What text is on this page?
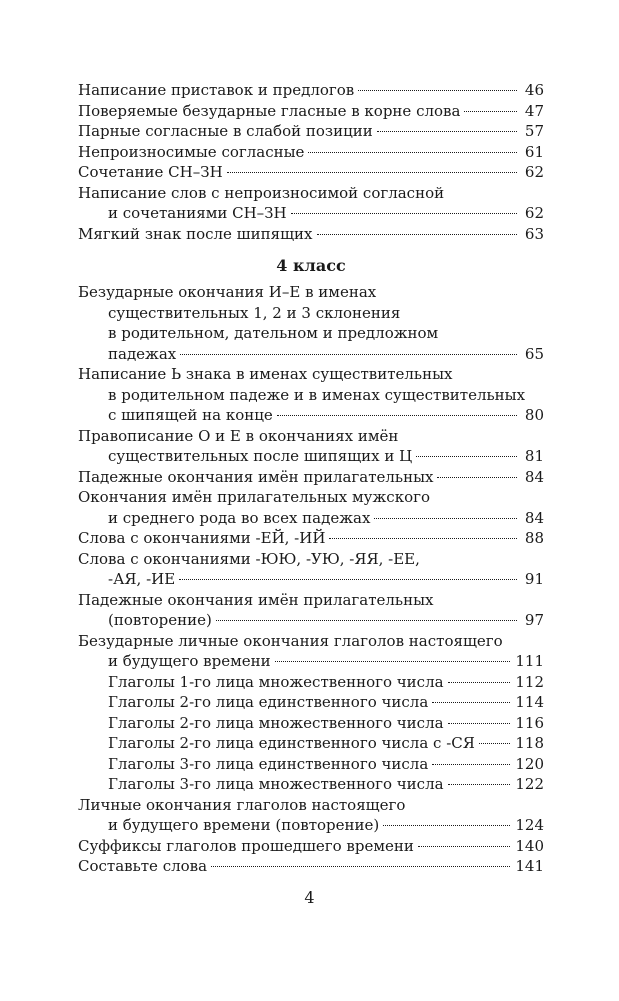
Написание приставок и предлогов	46
Поверяемые безударные гласные в корне слова	47
Парные согласные в слабой позиции	57
Непроизносимые согласные	61
Сочетание СН–ЗН	62
Написание слов с непроизносимой согласной
и сочетаниями СН–ЗН	62
Мягкий знак после шипящих	63
4 класс
Безударные окончания И–Е в именах
существительных 1, 2 и 3 склонения
в родительном, дательном и предложном
падежах	65
Написание Ь знака в именах существительных
в родительном падеже и в именах существительных
с шипящей на конце	80
Правописание О и Е в окончаниях имён
существительных после шипящих и Ц	81
Падежные окончания имён прилагательных	84
Окончания имён прилагательных мужского
и среднего рода во всех падежах	84
Слова с окончаниями -ЕЙ, -ИЙ	88
Слова с окончаниями -ЮЮ, -УЮ, -ЯЯ, -ЕЕ,
-АЯ, -ИЕ	91
Падежные окончания имён прилагательных
(повторение)	97
Безударные личные окончания глаголов настоящего
и будущего времени	111
Глаголы 1-го лица множественного числа	112
Глаголы 2-го лица единственного числа	114
Глаголы 2-го лица множественного числа	116
Глаголы 2-го лица единственного числа с -СЯ	118
Глаголы 3-го лица единственного числа	120
Глаголы 3-го лица множественного числа	122
Личные окончания глаголов настоящего
и будущего времени (повторение)	124
Суффиксы глаголов прошедшего времени	140
Составьте слова	141
4
